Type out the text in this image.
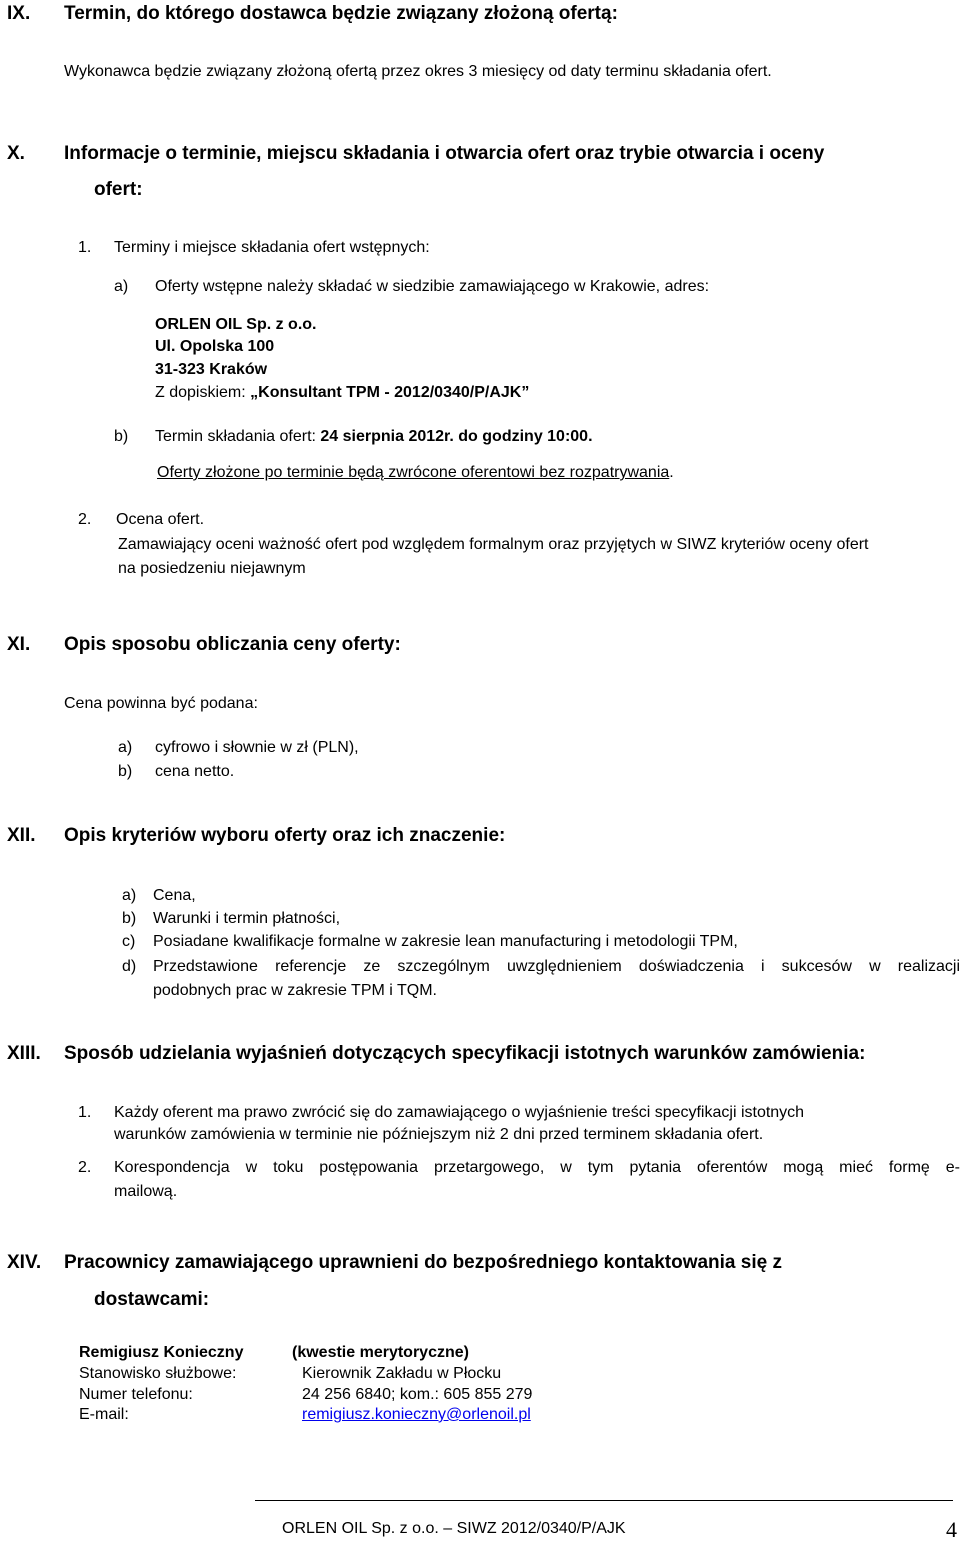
IX. Termin, do którego dostawca będzie związany złożoną ofertą:
Wykonawca będzie związany złożoną ofertą przez okres 3 miesięcy od daty terminu składania ofert.
X. Informacje o terminie, miejscu składania i otwarcia ofert oraz trybie otwarcia i oceny
ofert:
1. Terminy i miejsce składania ofert wstępnych:
a) Oferty wstępne należy składać w siedzibie zamawiającego w Krakowie, adres:
ORLEN OIL Sp. z o.o.
Ul. Opolska 100
31-323 Kraków
Z dopiskiem: „Konsultant TPM - 2012/0340/P/AJK”
b) Termin składania ofert: 24 sierpnia 2012r. do godziny 10:00.
Oferty złożone po terminie będą zwrócone oferentowi bez rozpatrywania.
2. Ocena ofert.
Zamawiający oceni ważność ofert pod względem formalnym oraz przyjętych w SIWZ kryteriów oceny ofert
na posiedzeniu niejawnym
XI. Opis sposobu obliczania ceny oferty:
Cena powinna być podana:
a) cyfrowo i słownie w zł (PLN),
b) cena netto.
XII. Opis kryteriów wyboru oferty oraz ich znaczenie:
a) Cena,
b) Warunki i termin płatności,
c) Posiadane kwalifikacje formalne w zakresie lean manufacturing i metodologii TPM,
d) Przedstawione referencje ze szczególnym uwzględnieniem doświadczenia i sukcesów w realizacji
podobnych prac w zakresie TPM i TQM.
XIII. Sposób udzielania wyjaśnień dotyczących specyfikacji istotnych warunków zamówienia:
1. Każdy oferent ma prawo zwrócić się do zamawiającego o wyjaśnienie treści specyfikacji istotnych
warunków zamówienia w terminie nie późniejszym niż 2 dni przed terminem składania ofert.
2. Korespondencja w toku postępowania przetargowego, w tym pytania oferentów mogą mieć formę e-
mailową.
XIV. Pracownicy zamawiającego uprawnieni do bezpośredniego kontaktowania się z
dostawcami:
Remigiusz Konieczny	(kwestie merytoryczne)
Stanowisko służbowe:	Kierownik Zakładu w Płocku
Numer telefonu:	24 256 6840; kom.: 605 855 279
E-mail:	remigiusz.konieczny@orlenoil.pl
ORLEN OIL Sp. z o.o. – SIWZ 2012/0340/P/AJK	4
